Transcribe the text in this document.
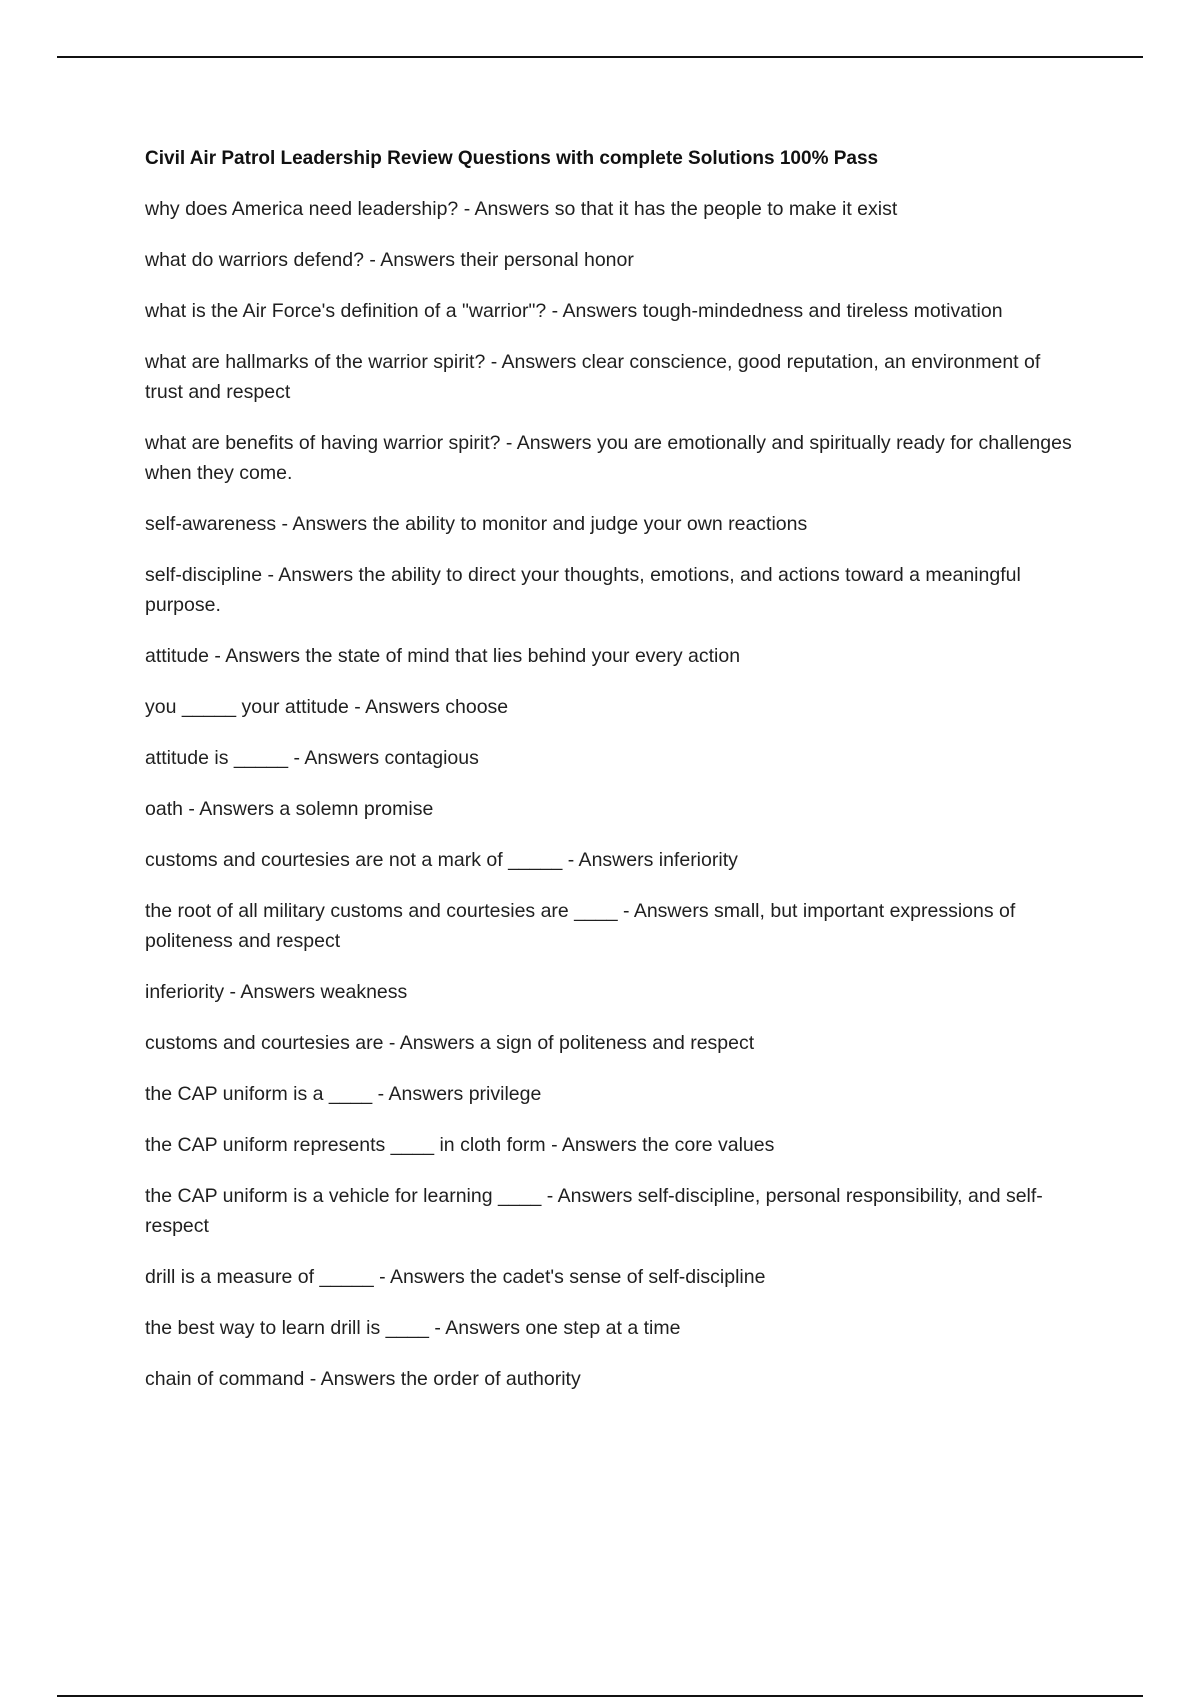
Civil Air Patrol Leadership Review Questions with complete Solutions 100% Pass

why does America need leadership? - Answers so that it has the people to make it exist

what do warriors defend? - Answers their personal honor

what is the Air Force's definition of a "warrior"? - Answers tough-mindedness and tireless motivation

what are hallmarks of the warrior spirit? - Answers clear conscience, good reputation, an environment of trust and respect

what are benefits of having warrior spirit? - Answers you are emotionally and spiritually ready for challenges when they come.

self-awareness - Answers the ability to monitor and judge your own reactions

self-discipline - Answers the ability to direct your thoughts, emotions, and actions toward a meaningful purpose.

attitude - Answers the state of mind that lies behind your every action

you _____ your attitude - Answers choose

attitude is _____ - Answers contagious

oath - Answers a solemn promise

customs and courtesies are not a mark of _____ - Answers inferiority

the root of all military customs and courtesies are ____ - Answers small, but important expressions of politeness and respect

inferiority - Answers weakness

customs and courtesies are - Answers a sign of politeness and respect

the CAP uniform is a ____ - Answers privilege

the CAP uniform represents ____ in cloth form - Answers the core values

the CAP uniform is a vehicle for learning ____ - Answers self-discipline, personal responsibility, and self-respect

drill is a measure of _____ - Answers the cadet's sense of self-discipline

the best way to learn drill is ____ - Answers one step at a time

chain of command - Answers the order of authority
